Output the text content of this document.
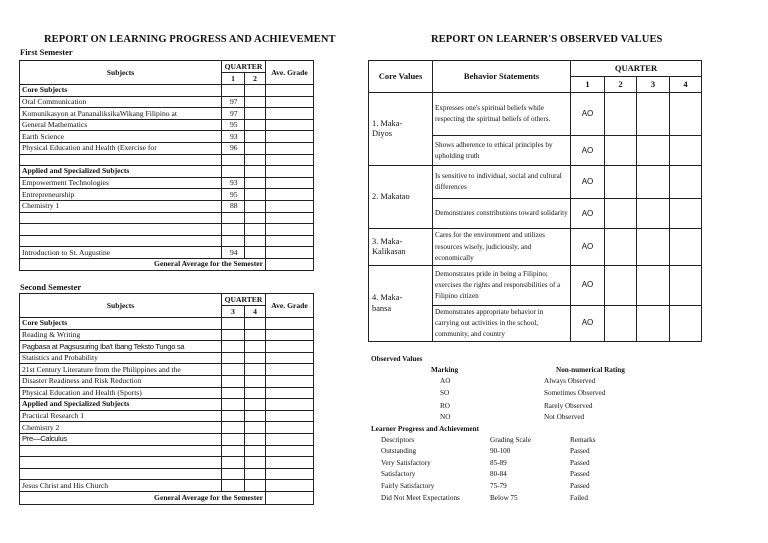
REPORT ON LEARNING PROGRESS AND ACHIEVEMENT
First Semester
Subjects	QUARTER		Ave. Grade
	1	2	
Core Subjects			
Oral Communication	97		
Komunikasyon at PananaliksikaWikang Filipino at	97		
General Mathematics	95		
Earth Science	93		
Physical Education and Health (Exercise for	96		

Applied and Specialized Subjects			
Empowerment Technologies	93		
Entrepreneurship	95		
Chemistry 1	88		

Introduction to St. Augustine	94		
General Average for the Semester			
Second Semester
Subjects	QUARTER		Ave. Grade
	3	4	
Core Subjects			
Reading & Writing			
Pagbasa at Pagsusuring Iba't Ibang Teksto Tungo sa			
Statistics and Probability			
21st Century Literature from the Philippines and the			
Disaster Readiness and Risk Reduction			
Physical Education and Health (Sports)			
Applied and Specialized Subjects			
Practical Research 1			
Chemistry 2			
Pre—Calculus			

Jesus Christ and His Church			
General Average for the Semester			
REPORT ON LEARNER'S OBSERVED VALUES
Core Values	Behavior Statements	QUARTER			
		1	2	3	4
1. Maka-
Diyos	Expresses one's spiritual beliefs while respecting the spiritual beliefs of others.	AO			
	Shows adherence to ethical principles by upholding truth	AO			
2. Makatao	Is sensitive to individual, social and cultural differences	AO			
	Demonstrates constributions toward solidarity	AO			
3. Maka-
Kalikasan	Cares for the environment and utilizes resources wisely, judiciously, and economically	AO			
4. Maka-
bansa	Demonstrates pride in being a Filipino; exercises the rights and responsibilities of a Filipino citizen	AO			
	Demonstrates appropriate behavior in carrying out activities in the school, community, and country	AO			
Observed Values
Marking	Non-numerical Rating
AO	Always Observed
SO	Sometimes Observed
RO	Rarely Observed
NO	Not Observed
Learner Progress and Achievement
Descriptors	Grading Scale	Remarks
Outstanding	90-100	Passed
Very Satisfactory	85-89	Passed
Satisfactory	80-84	Passed
Fairly Satisfactory	75-79	Passed
Did Not Meet Expectations	Below 75	Failed
